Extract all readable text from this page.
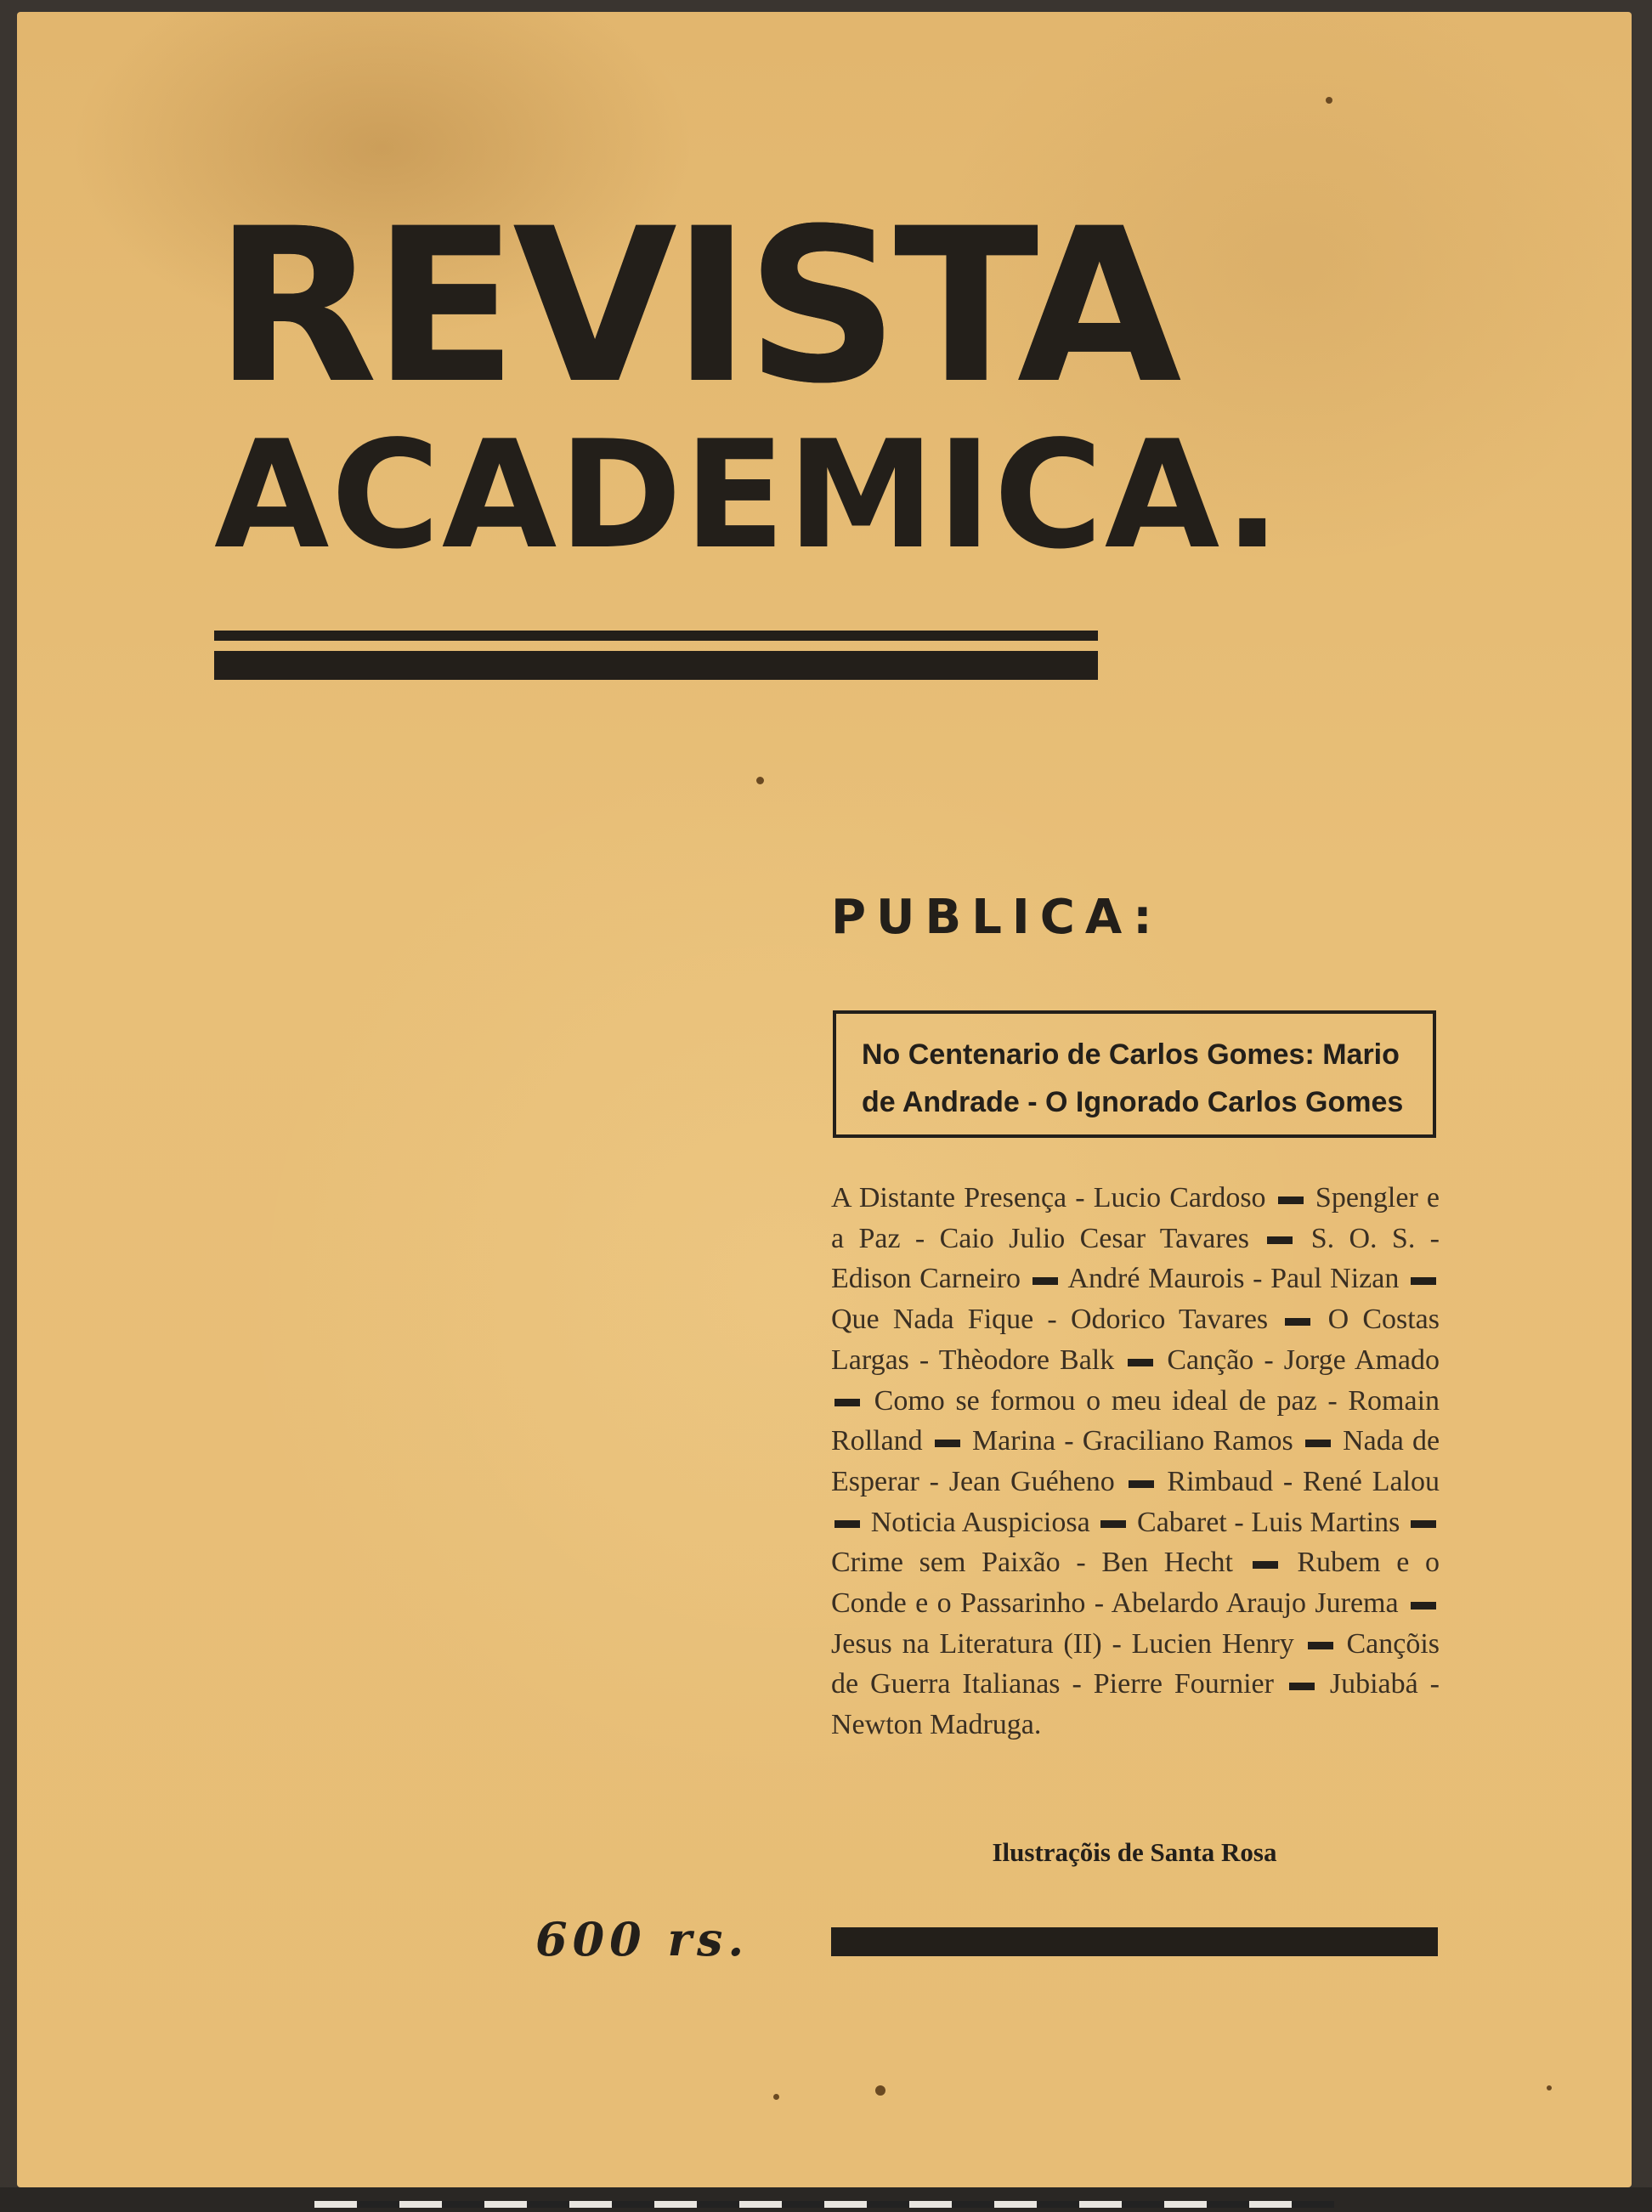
REVISTA
ACADEMICA.
PUBLICA:

No Centenario de Carlos Gomes: Mario

de Andrade - O Ignorado Carlos Gomes

A Distante Presença - Lucio Cardoso Spengler e a Paz - Caio Julio Cesar Tavares S. O. S. - Edison Carneiro André Maurois - Paul Nizan  Que Nada Fique - Odorico Tavares O Costas Largas - Thèodore Balk Canção - Jorge Amado  Como se formou o meu ideal de paz - Romain Rolland Marina - Graciliano Ramos Nada de Esperar - Jean Guéheno Rimbaud - René Lalou  Noticia Auspiciosa Cabaret - Luis Martins  Crime sem Paixão - Ben Hecht Rubem e o Conde e o Passarinho - Abelardo Araujo Jurema  Jesus na Literatura (II) - Lucien Henry Cançõis de Guerra Italianas - Pierre Fournier Jubiabá - Newton Madruga.
Ilustraçõis de Santa Rosa
600 rs.
